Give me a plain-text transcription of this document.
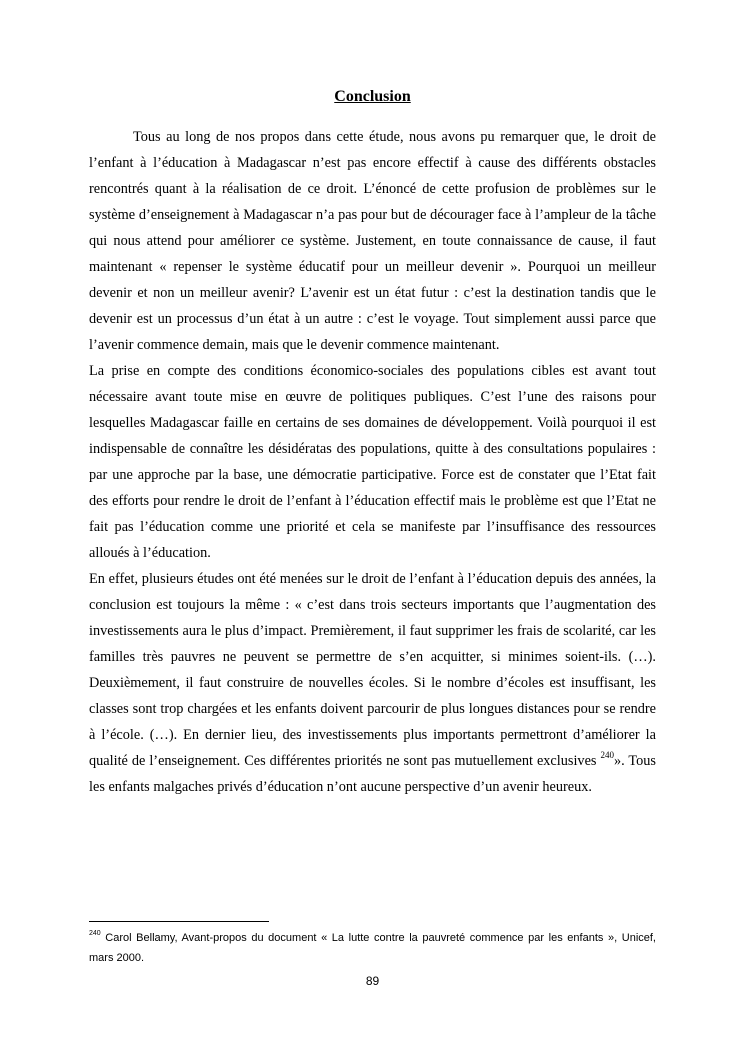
Conclusion

Tous au long de nos propos dans cette étude, nous avons pu remarquer que, le droit de l’enfant à l’éducation à Madagascar n’est pas encore effectif à cause des différents obstacles rencontrés quant à la réalisation de ce droit. L’énoncé de cette profusion de problèmes sur le système d’enseignement à Madagascar n’a pas pour but de décourager face à l’ampleur de la tâche qui nous attend pour améliorer ce système. Justement, en toute connaissance de cause, il faut maintenant « repenser le système éducatif pour un meilleur devenir ». Pourquoi un meilleur devenir et non un meilleur avenir? L’avenir est un état futur : c’est la destination tandis que le devenir est un processus d’un état à un autre : c’est le voyage. Tout simplement aussi parce que l’avenir commence demain, mais que le devenir commence maintenant.

La prise en compte des conditions économico-sociales des populations cibles est avant tout nécessaire avant toute mise en œuvre de politiques publiques. C’est l’une des raisons pour lesquelles Madagascar faille en certains de ses domaines de développement. Voilà pourquoi il est indispensable de connaître les désidératas des populations, quitte à des consultations populaires : par une approche par la base, une démocratie participative. Force est de constater que l’Etat fait des efforts pour rendre le droit de l’enfant à l’éducation effectif mais le problème est que l’Etat ne fait pas l’éducation comme une priorité et cela se manifeste par l’insuffisance des ressources alloués à l’éducation.

En effet, plusieurs études ont été menées sur le droit de l’enfant à l’éducation depuis des années, la conclusion est toujours la même : « c’est dans trois secteurs importants que l’augmentation des investissements aura le plus d’impact. Premièrement, il faut supprimer les frais de scolarité, car les familles très pauvres ne peuvent se permettre de s’en acquitter, si minimes soient-ils. (…). Deuxièmement, il faut construire de nouvelles écoles. Si le nombre d’écoles est insuffisant, les classes sont trop chargées et les enfants doivent parcourir de plus longues distances pour se rendre à l’école. (…). En dernier lieu, des investissements plus importants permettront d’améliorer la qualité de l’enseignement. Ces différentes priorités ne sont pas mutuellement exclusives $^{240}$». Tous les enfants malgaches privés d’éducation n’ont aucune perspective d’un avenir heureux.

$^{240}$ Carol Bellamy, Avant-propos du document « La lutte contre la pauvreté commence par les enfants », Unicef, mars 2000.
89
